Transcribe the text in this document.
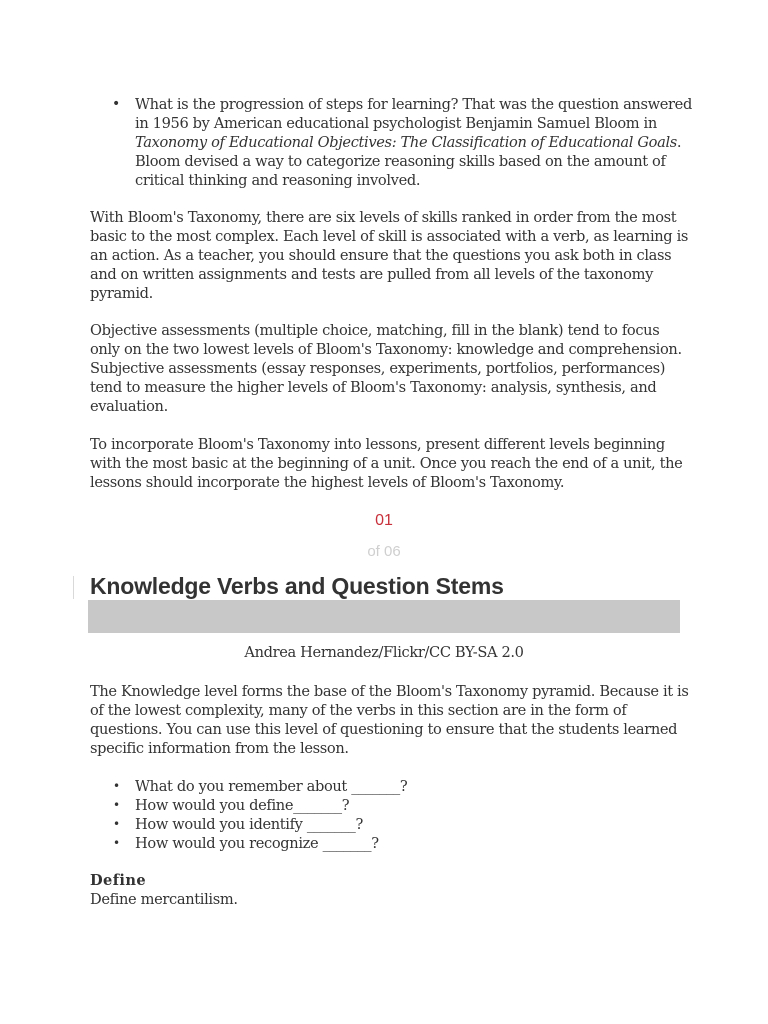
• What is the progression of steps for learning? That was the question answered in 1956 by American educational psychologist Benjamin Samuel Bloom in Taxonomy of Educational Objectives: The Classification of Educational Goals. Bloom devised a way to categorize reasoning skills based on the amount of critical thinking and reasoning involved.

With Bloom's Taxonomy, there are six levels of skills ranked in order from the most basic to the most complex. Each level of skill is associated with a verb, as learning is an action. As a teacher, you should ensure that the questions you ask both in class and on written assignments and tests are pulled from all levels of the taxonomy pyramid.

Objective assessments (multiple choice, matching, fill in the blank) tend to focus only on the two lowest levels of Bloom's Taxonomy: knowledge and comprehension. Subjective assessments (essay responses, experiments, portfolios, performances) tend to measure the higher levels of Bloom's Taxonomy: analysis, synthesis, and evaluation.

To incorporate Bloom's Taxonomy into lessons, present different levels beginning with the most basic at the beginning of a unit. Once you reach the end of a unit, the lessons should incorporate the highest levels of Bloom's Taxonomy.

01
of 06
Knowledge Verbs and Question Stems
Andrea Hernandez/Flickr/CC BY-SA 2.0

The Knowledge level forms the base of the Bloom's Taxonomy pyramid. Because it is of the lowest complexity, many of the verbs in this section are in the form of questions. You can use this level of questioning to ensure that the students learned specific information from the lesson.

• What do you remember about _______?
• How would you define_______?
• How would you identify _______?
• How would you recognize _______?

Define

Define mercantilism.
